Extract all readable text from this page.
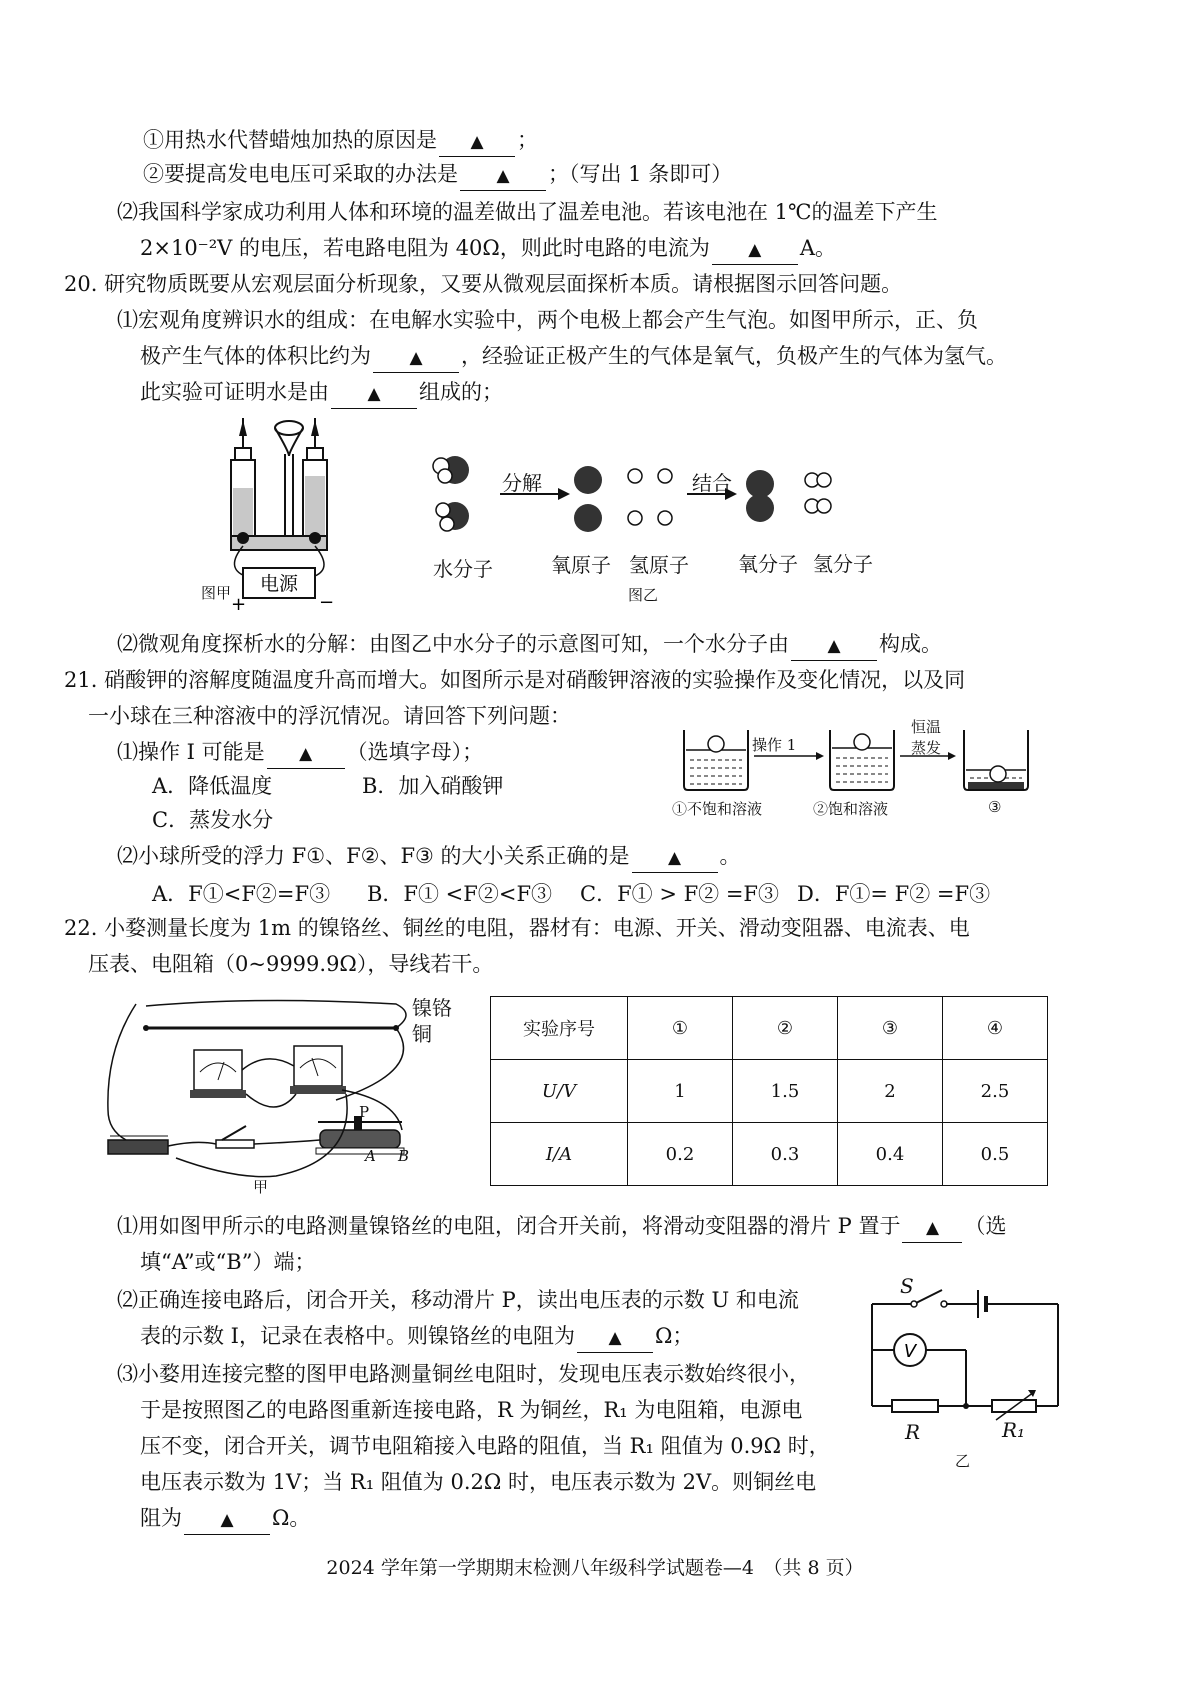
①用热水代替蜡烛加热的原因是 ▲ ；
②要提高发电电压可采取的办法是 ▲ ；（写出 1 条即可）
⑵我国科学家成功利用人体和环境的温差做出了温差电池。若该电池在 1℃的温差下产生
2×10⁻²V 的电压，若电路电阻为 40Ω，则此时电路的电流为 ▲ A。
20. 研究物质既要从宏观层面分析现象，又要从微观层面探析本质。请根据图示回答问题。
⑴宏观角度辨识水的组成：在电解水实验中，两个电极上都会产生气泡。如图甲所示，正、负
极产生气体的体积比约为 ▲ ，经验证正极产生的气体是氧气，负极产生的气体为氢气。
此实验可证明水是由 ▲ 组成的；
电源
+	−
图甲
分解	结合
水分子	氧原子 氢原子 氧分子 氢分子
图乙
⑵微观角度探析水的分解：由图乙中水分子的示意图可知，一个水分子由 ▲ 构成。
21. 硝酸钾的溶解度随温度升高而增大。如图所示是对硝酸钾溶液的实验操作及变化情况，以及同
一小球在三种溶液中的浮沉情况。请回答下列问题：
⑴操作 Ⅰ 可能是 ▲ （选填字母）；
A．降低温度	B．加入硝酸钾
C．蒸发水分
操作 1
恒温
蒸发
①不饱和溶液	②饱和溶液	③
⑵小球所受的浮力 F①、F②、F③ 的大小关系正确的是 ▲ 。
A．F①<F②=F③ B．F① <F②<F③ C．F① > F② =F③ D．F①= F② =F③
22. 小婺测量长度为 1m 的镍铬丝、铜丝的电阻，器材有：电源、开关、滑动变阻器、电流表、电
压表、电阻箱（0~9999.9Ω），导线若干。
镍铬
铜
P
A B
甲
实验序号	①	②	③	④
U/V	1	1.5	2	2.5
I/A	0.2	0.3	0.4	0.5
⑴用如图甲所示的电路测量镍铬丝的电阻，闭合开关前，将滑动变阻器的滑片 P 置于 ▲ （选
填“A”或“B”）端；
⑵正确连接电路后，闭合开关，移动滑片 P，读出电压表的示数 U 和电流
表的示数 I，记录在表格中。则镍铬丝的电阻为 ▲ Ω；
⑶小婺用连接完整的图甲电路测量铜丝电阻时，发现电压表示数始终很小，
于是按照图乙的电路图重新连接电路，R 为铜丝，R₁ 为电阻箱，电源电
压不变，闭合开关，调节电阻箱接入电路的阻值，当 R₁ 阻值为 0.9Ω 时，
电压表示数为 1V；当 R₁ 阻值为 0.2Ω 时，电压表示数为 2V。则铜丝电
阻为 ▲ Ω。
V
S
R	R₁
乙
2024 学年第一学期期末检测八年级科学试题卷—4　（共 8 页）
